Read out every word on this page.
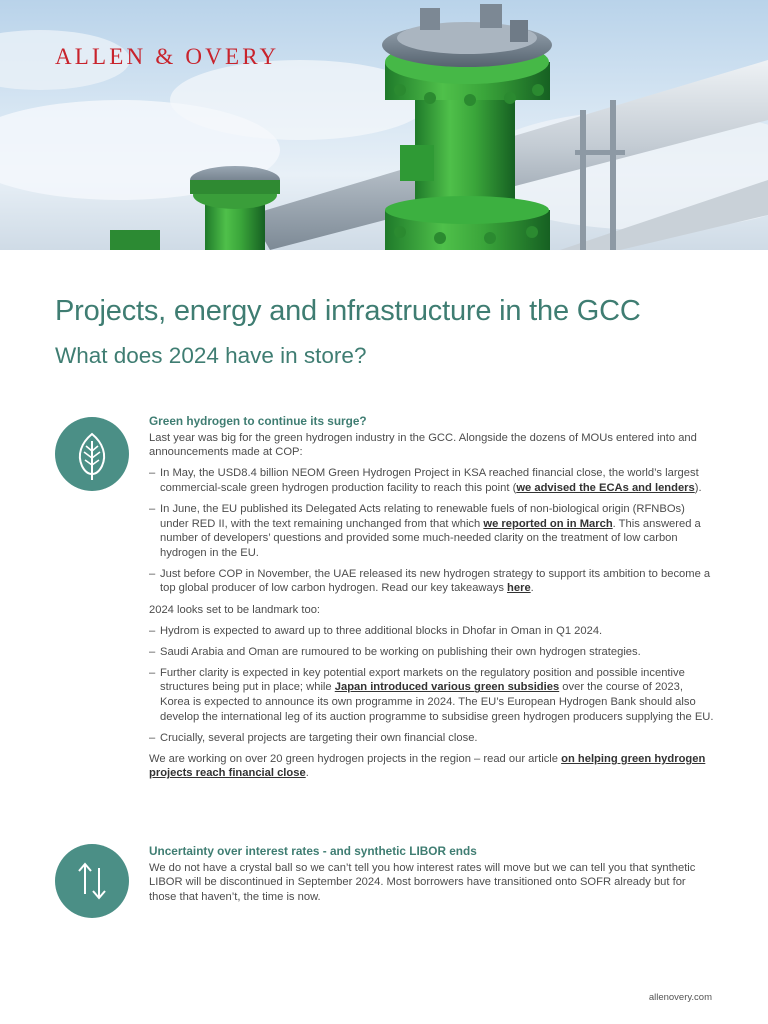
ALLEN & OVERY
Projects, energy and infrastructure in the GCC
What does 2024 have in store?
Green hydrogen to continue its surge?

Last year was big for the green hydrogen industry in the GCC. Alongside the dozens of MOUs entered into and announcements made at COP:

– In May, the USD8.4 billion NEOM Green Hydrogen Project in KSA reached financial close, the world’s largest commercial-scale green hydrogen production facility to reach this point (we advised the ECAs and lenders).
– In June, the EU published its Delegated Acts relating to renewable fuels of non-biological origin (RFNBOs) under RED II, with the text remaining unchanged from that which we reported on in March. This answered a number of developers’ questions and provided some much-needed clarity on the treatment of low carbon hydrogen in the EU.
– Just before COP in November, the UAE released its new hydrogen strategy to support its ambition to become a top global producer of low carbon hydrogen. Read our key takeaways here.

2024 looks set to be landmark too:

– Hydrom is expected to award up to three additional blocks in Dhofar in Oman in Q1 2024.
– Saudi Arabia and Oman are rumoured to be working on publishing their own hydrogen strategies.
– Further clarity is expected in key potential export markets on the regulatory position and possible incentive structures being put in place; while Japan introduced various green subsidies over the course of 2023, Korea is expected to announce its own programme in 2024. The EU’s European Hydrogen Bank should also develop the international leg of its auction programme to subsidise green hydrogen producers supplying the EU.
– Crucially, several projects are targeting their own financial close.

We are working on over 20 green hydrogen projects in the region – read our article on helping green hydrogen projects reach financial close.

Uncertainty over interest rates - and synthetic LIBOR ends

We do not have a crystal ball so we can’t tell you how interest rates will move but we can tell you that synthetic LIBOR will be discontinued in September 2024. Most borrowers have transitioned onto SOFR already but for those that haven’t, the time is now.

allenovery.com
